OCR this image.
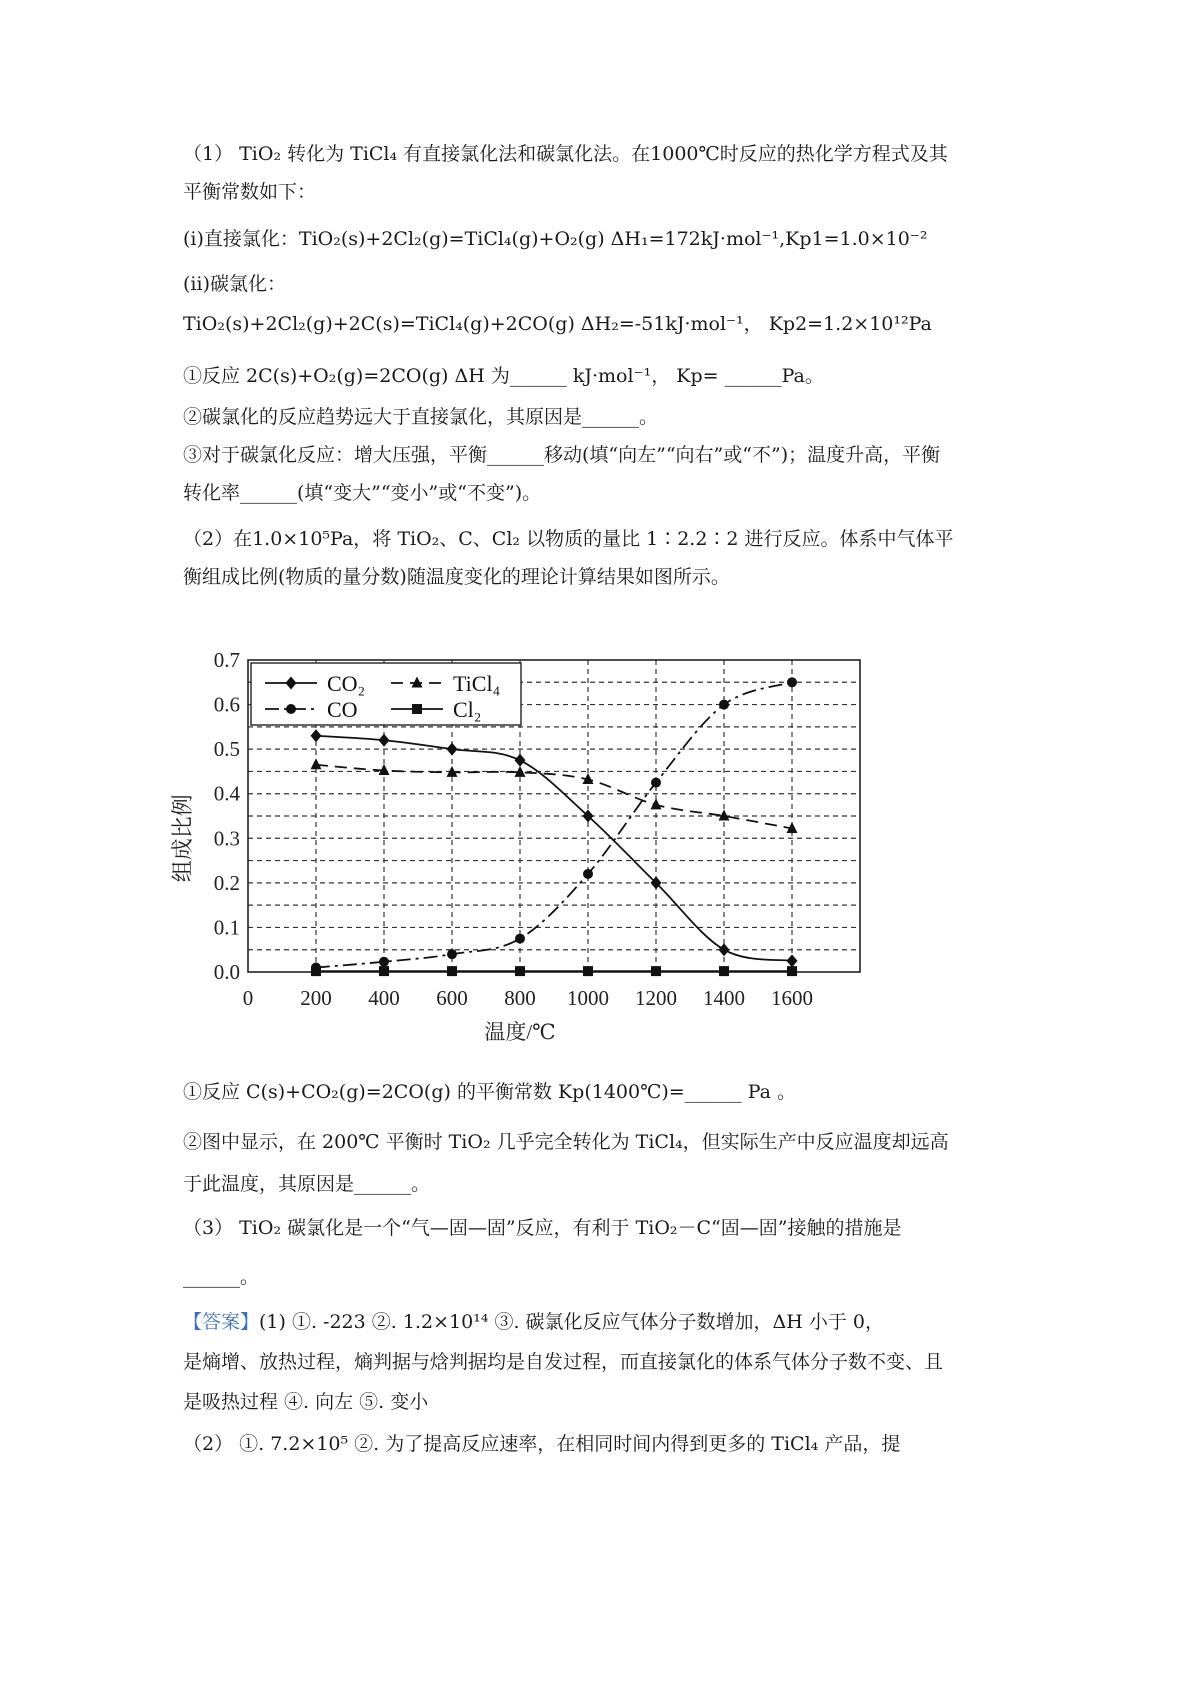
（1） TiO₂ 转化为 TiCl₄ 有直接氯化法和碳氯化法。在1000℃时反应的热化学方程式及其
平衡常数如下：
(ⅰ)直接氯化：TiO₂(s)+2Cl₂(g)=TiCl₄(g)+O₂(g) ΔH₁=172kJ·mol⁻¹,Kp1=1.0×10⁻²
(ⅱ)碳氯化：
TiO₂(s)+2Cl₂(g)+2C(s)=TiCl₄(g)+2CO(g) ΔH₂=-51kJ·mol⁻¹， Kp2=1.2×10¹²Pa
①反应 2C(s)+O₂(g)=2CO(g) ΔH 为______ kJ·mol⁻¹， Kp= ______Pa。
②碳氯化的反应趋势远大于直接氯化，其原因是______。
③对于碳氯化反应：增大压强，平衡______移动(填“向左”“向右”或“不”)；温度升高，平衡
转化率______(填“变大”“变小”或“不变”)。
（2）在1.0×10⁵Pa，将 TiO₂、C、Cl₂ 以物质的量比 1∶2.2∶2 进行反应。体系中气体平
衡组成比例(物质的量分数)随温度变化的理论计算结果如图所示。
0.0
0.1
0.2
0.3
0.4
0.5
0.6
0.7
0 200 400 600 800 1000 1200 1400 1600
CO₂	TiCl₄
CO	Cl₂
温度/℃
组成比例
①反应 C(s)+CO₂(g)=2CO(g) 的平衡常数 Kp(1400℃)=______ Pa 。
②图中显示，在 200℃ 平衡时 TiO₂ 几乎完全转化为 TiCl₄，但实际生产中反应温度却远高
于此温度，其原因是______。
（3） TiO₂ 碳氯化是一个“气—固—固”反应，有利于 TiO₂－C“固—固”接触的措施是
______。
【答案】(1) ①. -223 ②. 1.2×10¹⁴ ③. 碳氯化反应气体分子数增加，ΔH 小于 0，
是熵增、放热过程，熵判据与焓判据均是自发过程，而直接氯化的体系气体分子数不变、且
是吸热过程 ④. 向左 ⑤. 变小
（2） ①. 7.2×10⁵ ②. 为了提高反应速率，在相同时间内得到更多的 TiCl₄ 产品，提
